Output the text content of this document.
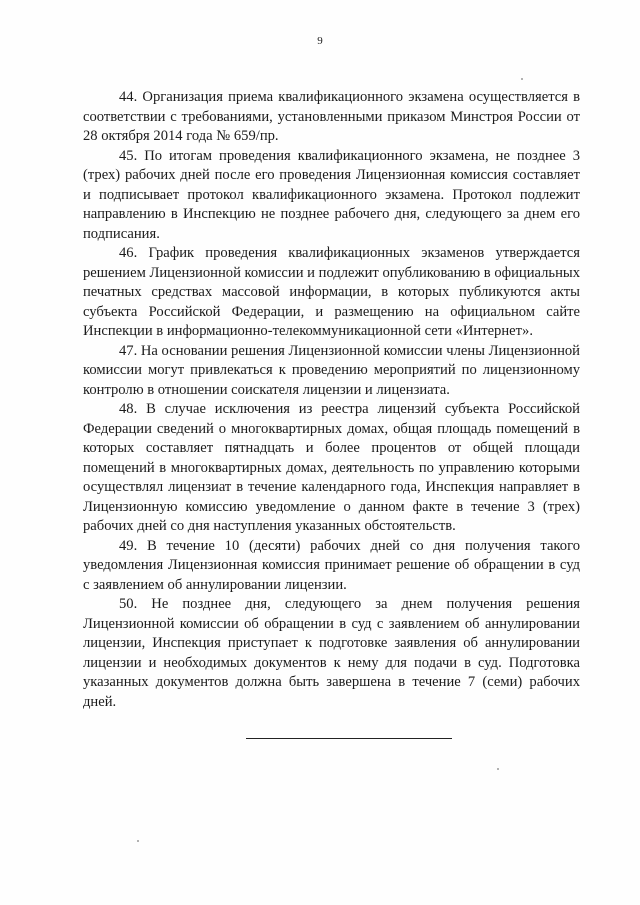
9

44. Организация приема квалификационного экзамена осуществляется в соответствии с требованиями, установленными приказом Минстроя России от 28 октября 2014 года № 659/пр.

45. По итогам проведения квалификационного экзамена, не позднее 3 (трех) рабочих дней после его проведения Лицензионная комиссия составляет и подписывает протокол квалификационного экзамена. Протокол подлежит направлению в Инспекцию не позднее рабочего дня, следующего за днем его подписания.

46. График проведения квалификационных экзаменов утверждается решением Лицензионной комиссии и подлежит опубликованию в официальных печатных средствах массовой информации, в которых публикуются акты субъекта Российской Федерации, и размещению на официальном сайте Инспекции в информационно-телекоммуникационной сети «Интернет».

47. На основании решения Лицензионной комиссии члены Лицензионной комиссии могут привлекаться к проведению мероприятий по лицензионному контролю в отношении соискателя лицензии и лицензиата.

48. В случае исключения из реестра лицензий субъекта Российской Федерации сведений о многоквартирных домах, общая площадь помещений в которых составляет пятнадцать и более процентов от общей площади помещений в многоквартирных домах, деятельность по управлению которыми осуществлял лицензиат в течение календарного года, Инспекция направляет в Лицензионную комиссию уведомление о данном факте в течение 3 (трех) рабочих дней со дня наступления указанных обстоятельств.

49. В течение 10 (десяти) рабочих дней со дня получения такого уведомления Лицензионная комиссия принимает решение об обращении в суд с заявлением об аннулировании лицензии.

50. Не позднее дня, следующего за днем получения решения Лицензионной комиссии об обращении в суд с заявлением об аннулировании лицензии, Инспекция приступает к подготовке заявления об аннулировании лицензии и необходимых документов к нему для подачи в суд. Подготовка указанных документов должна быть завершена в течение 7 (семи) рабочих дней.
